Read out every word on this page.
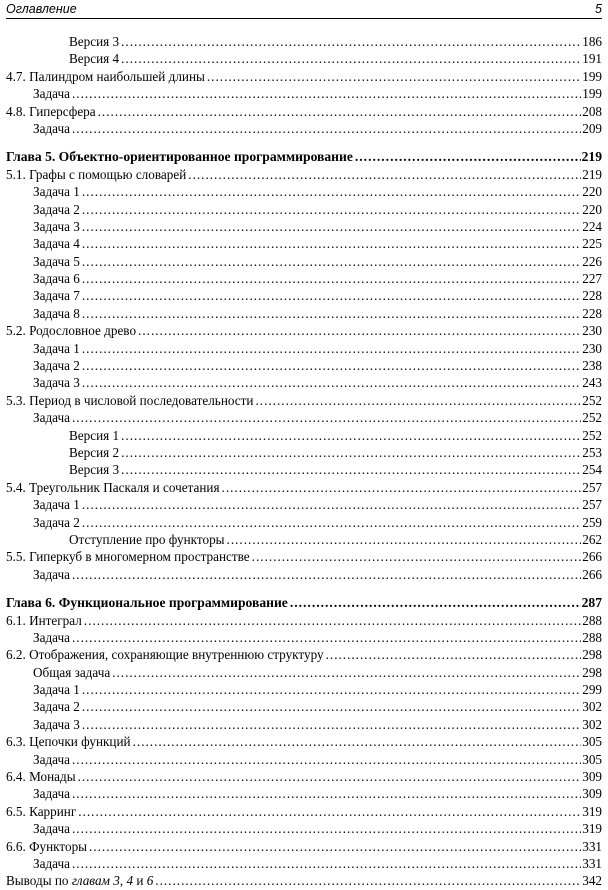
Оглавление	5
Версия 3 .....	186
Версия 4 .....	191
4.7. Палиндром наибольшей длины .....	199
Задача .....	199
4.8. Гиперсфера .....	208
Задача .....	209
Глава 5. Объектно-ориентированное программирование .....	219
5.1. Графы с помощью словарей .....	219
Задача 1 .....	220
Задача 2 .....	220
Задача 3 .....	224
Задача 4 .....	225
Задача 5 .....	226
Задача 6 .....	227
Задача 7 .....	228
Задача 8 .....	228
5.2. Родословное древо .....	230
Задача 1 .....	230
Задача 2 .....	238
Задача 3 .....	243
5.3. Период в числовой последовательности .....	252
Задача .....	252
Версия 1 .....	252
Версия 2 .....	253
Версия 3 .....	254
5.4. Треугольник Паскаля и сочетания .....	257
Задача 1 .....	257
Задача 2 .....	259
Отступление про функторы .....	262
5.5. Гиперкуб в многомерном пространстве .....	266
Задача .....	266
Глава 6. Функциональное программирование .....	287
6.1. Интеграл .....	288
Задача .....	288
6.2. Отображения, сохраняющие внутреннюю структуру .....	298
Общая задача .....	298
Задача 1 .....	299
Задача 2 .....	302
Задача 3 .....	302
6.3. Цепочки функций .....	305
Задача .....	305
6.4. Монады .....	309
Задача .....	309
6.5. Карринг .....	319
Задача .....	319
6.6. Функторы .....	331
Задача .....	331
Выводы по главам 3, 4 и 6 .....	342
